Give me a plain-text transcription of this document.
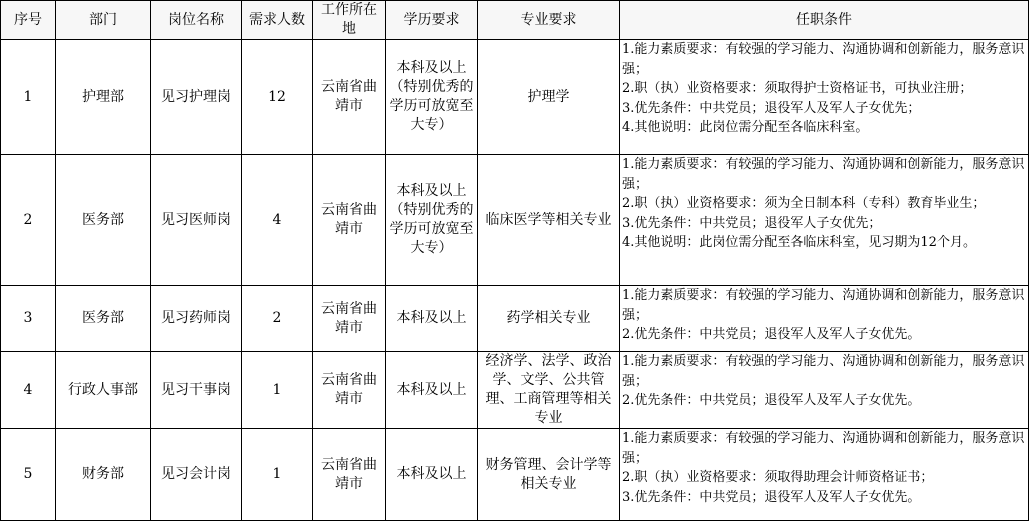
序号	部门	岗位名称	需求人数	工作所在地	学历要求	专业要求	任职条件
1	护理部	见习护理岗	12	云南省曲靖市	本科及以上（特别优秀的学历可放宽至大专）	护理学	1.能力素质要求：有较强的学习能力、沟通协调和创新能力，服务意识强；
2.职（执）业资格要求：须取得护士资格证书，可执业注册；
3.优先条件：中共党员；退役军人及军人子女优先；
4.其他说明：此岗位需分配至各临床科室。

2	医务部	见习医师岗	4	云南省曲靖市	本科及以上（特别优秀的学历可放宽至大专）	临床医学等相关专业	1.能力素质要求：有较强的学习能力、沟通协调和创新能力，服务意识强；
2.职（执）业资格要求：须为全日制本科（专科）教育毕业生；
3.优先条件：中共党员；退役军人子女优先；
4.其他说明：此岗位需分配至各临床科室，见习期为12个月。

3	医务部	见习药师岗	2	云南省曲靖市	本科及以上	药学相关专业	1.能力素质要求：有较强的学习能力、沟通协调和创新能力，服务意识强；
2.优先条件：中共党员；退役军人及军人子女优先。

4	行政人事部	见习干事岗	1	云南省曲靖市	本科及以上	经济学、法学、政治学、文学、公共管理、工商管理等相关专业	1.能力素质要求：有较强的学习能力、沟通协调和创新能力，服务意识强；
2.优先条件：中共党员；退役军人及军人子女优先。

5	财务部	见习会计岗	1	云南省曲靖市	本科及以上	财务管理、会计学等相关专业	1.能力素质要求：有较强的学习能力、沟通协调和创新能力，服务意识强；
2.职（执）业资格要求：须取得助理会计师资格证书；
3.优先条件：中共党员；退役军人及军人子女优先。
